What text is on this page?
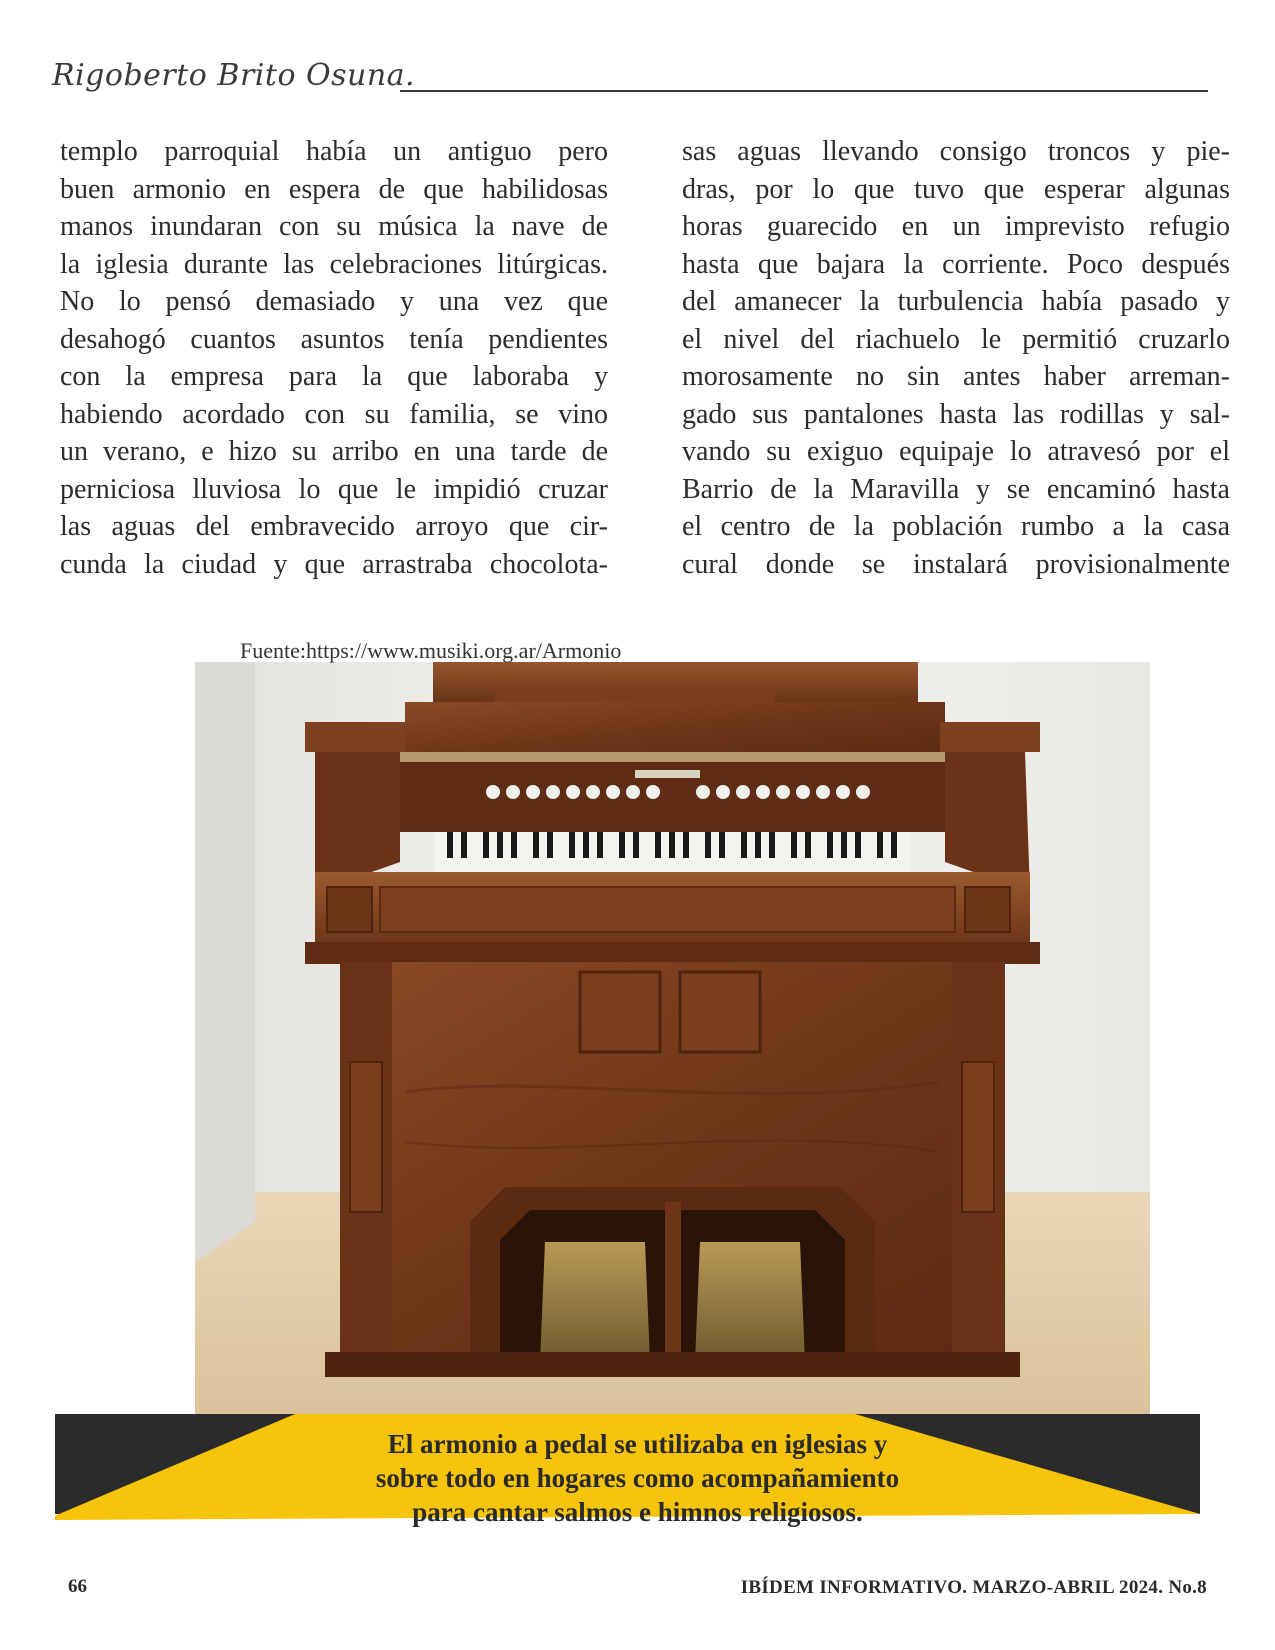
Rigoberto Brito Osuna.

templo parroquial había un antiguo pero

buen armonio en espera de que habilidosas

manos inundaran con su música la nave de

la iglesia durante las celebraciones litúrgicas.

No lo pensó demasiado y una vez que

desahogó cuantos asuntos tenía pendientes

con la empresa para la que laboraba y

habiendo acordado con su familia, se vino

un verano, e hizo su arribo en una tarde de

perniciosa lluviosa lo que le impidió cruzar

las aguas del embravecido arroyo que cir-

cunda la ciudad y que arrastraba chocolota-

sas aguas llevando consigo troncos y pie-

dras, por lo que tuvo que esperar algunas

horas guarecido en un imprevisto refugio

hasta que bajara la corriente. Poco después

del amanecer la turbulencia había pasado y

el nivel del riachuelo le permitió cruzarlo

morosamente no sin antes haber arreman-

gado sus pantalones hasta las rodillas y sal-

vando su exiguo equipaje lo atravesó por el

Barrio de la Maravilla y se encaminó hasta

el centro de la población rumbo a la casa

cural donde se instalará provisionalmente

Fuente:https://www.musiki.org.ar/Armonio
El armonio a pedal se utilizaba en iglesias y
sobre todo en hogares como acompañamiento
para cantar salmos e himnos religiosos.
66	IBÍDEM INFORMATIVO. MARZO-ABRIL 2024. No.8
